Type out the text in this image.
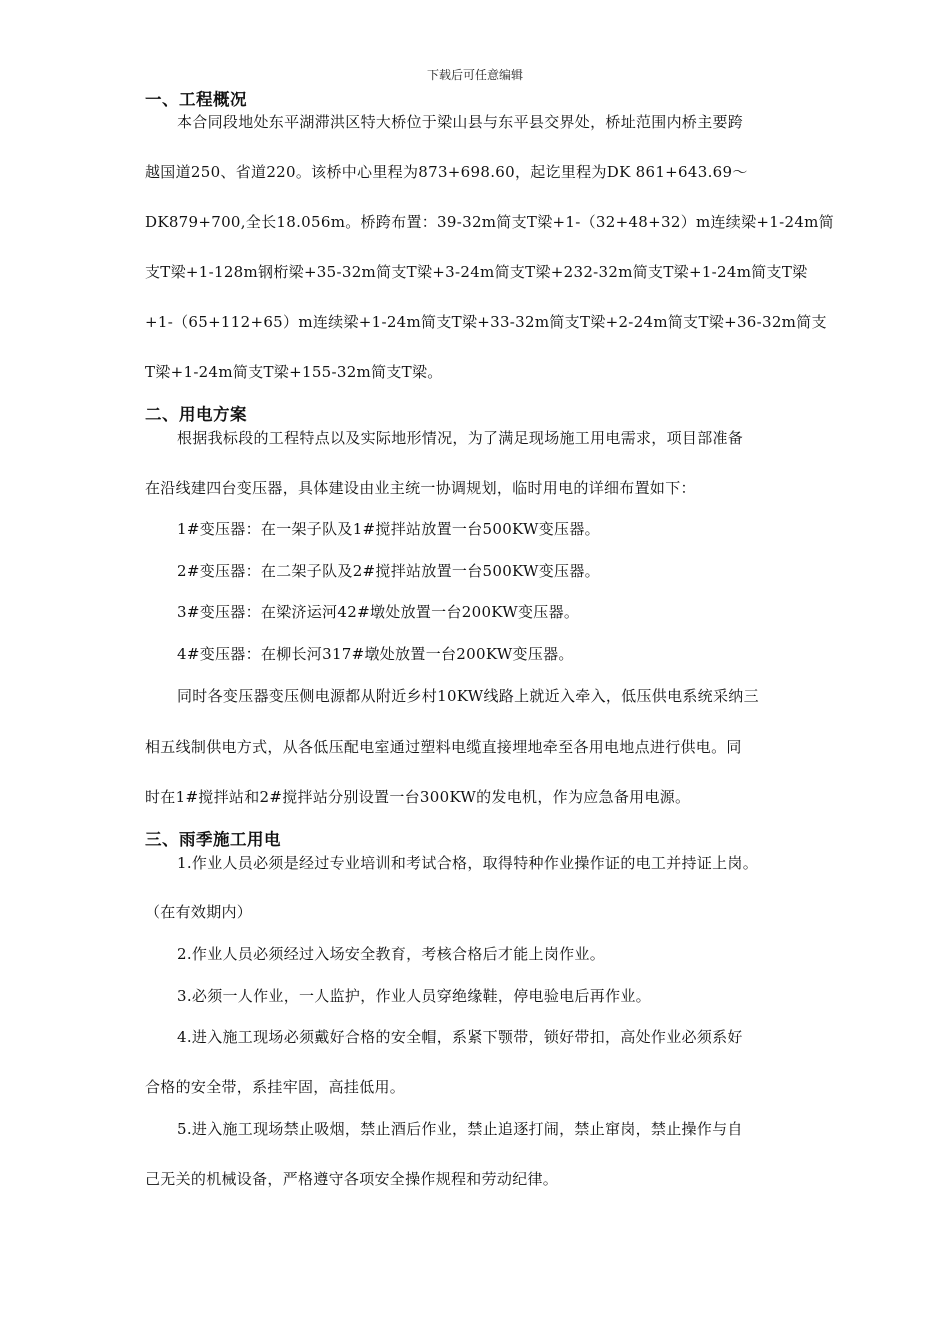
下载后可任意编辑
一、工程概况
本合同段地处东平湖滞洪区特大桥位于梁山县与东平县交界处，桥址范围内桥主要跨
越国道250、省道220。该桥中心里程为873+698.60，起讫里程为DK 861+643.69～
DK879+700,全长18.056m。桥跨布置：39-32m简支T梁+1-（32+48+32）m连续梁+1-24m简
支T梁+1-128m钢桁梁+35-32m简支T梁+3-24m简支T梁+232-32m简支T梁+1-24m简支T梁
+1-（65+112+65）m连续梁+1-24m简支T梁+33-32m简支T梁+2-24m简支T梁+36-32m简支
T梁+1-24m简支T梁+155-32m简支T梁。
二、用电方案
根据我标段的工程特点以及实际地形情况，为了满足现场施工用电需求，项目部准备
在沿线建四台变压器，具体建设由业主统一协调规划，临时用电的详细布置如下：
1#变压器：在一架子队及1#搅拌站放置一台500KW变压器。
2#变压器：在二架子队及2#搅拌站放置一台500KW变压器。
3#变压器：在梁济运河42#墩处放置一台200KW变压器。
4#变压器：在柳长河317#墩处放置一台200KW变压器。
同时各变压器变压侧电源都从附近乡村10KW线路上就近入牵入，低压供电系统采纳三
相五线制供电方式，从各低压配电室通过塑料电缆直接埋地牵至各用电地点进行供电。同
时在1#搅拌站和2#搅拌站分别设置一台300KW的发电机，作为应急备用电源。
三、雨季施工用电
1.作业人员必须是经过专业培训和考试合格，取得特种作业操作证的电工并持证上岗。
（在有效期内）
2.作业人员必须经过入场安全教育，考核合格后才能上岗作业。
3.必须一人作业，一人监护，作业人员穿绝缘鞋，停电验电后再作业。
4.进入施工现场必须戴好合格的安全帽，系紧下颚带，锁好带扣，高处作业必须系好
合格的安全带，系挂牢固，高挂低用。
5.进入施工现场禁止吸烟，禁止酒后作业，禁止追逐打闹，禁止窜岗，禁止操作与自
己无关的机械设备，严格遵守各项安全操作规程和劳动纪律。
